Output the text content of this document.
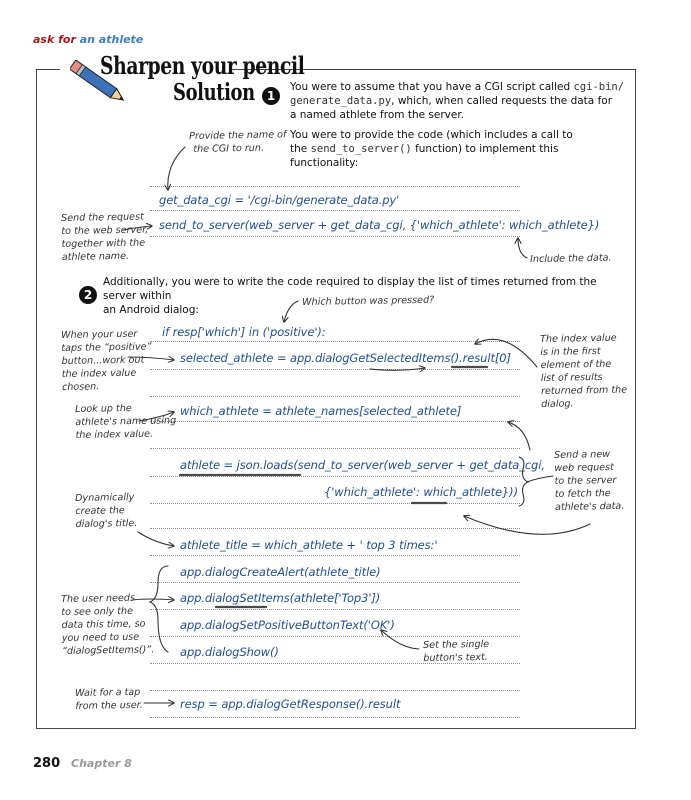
ask for an athlete
Sharpen your pencil
Solution	1
You were to assume that you have a CGI script called cgi-bin/
generate_data.py, which, when called requests the data for
a named athlete from the server.
You were to provide the code (which includes a call to
the send_to_server() function) to implement this
functionality:
2
Additionally, you were to write the code required to display the list of times returned from the server within
an Android dialog:
get_data_cgi = '/cgi-bin/generate_data.py'
send_to_server(web_server + get_data_cgi, {'which_athlete': which_athlete})
if resp['which'] in ('positive'):
selected_athlete = app.dialogGetSelectedItems().result[0]
which_athlete = athlete_names[selected_athlete]
athlete = json.loads(send_to_server(web_server + get_data_cgi,
{'which_athlete': which_athlete}))
athlete_title = which_athlete + ' top 3 times:'
app.dialogCreateAlert(athlete_title)
app.dialogSetItems(athlete['Top3'])
app.dialogSetPositiveButtonText('OK')
app.dialogShow()
resp = app.dialogGetResponse().result
Provide the name of
the CGI to run.
Send the request
to the web server,
together with the
athlete name.	Include the data.
Which button was pressed?
When your user
taps the “positive”
button...work out
the index value
chosen.
The index value
is in the first
element of the
list of results
returned from the
dialog.
Look up the
athlete's name using
the index value.
Send a new
web request
to the server
to fetch the
athlete's data.
Dynamically
create the
dialog's title.
The user needs
to see only the
data this time, so
you need to use
“dialogSetItems()”.	Set the single
button's text.
Wait for a tap
from the user.
280 Chapter 8
